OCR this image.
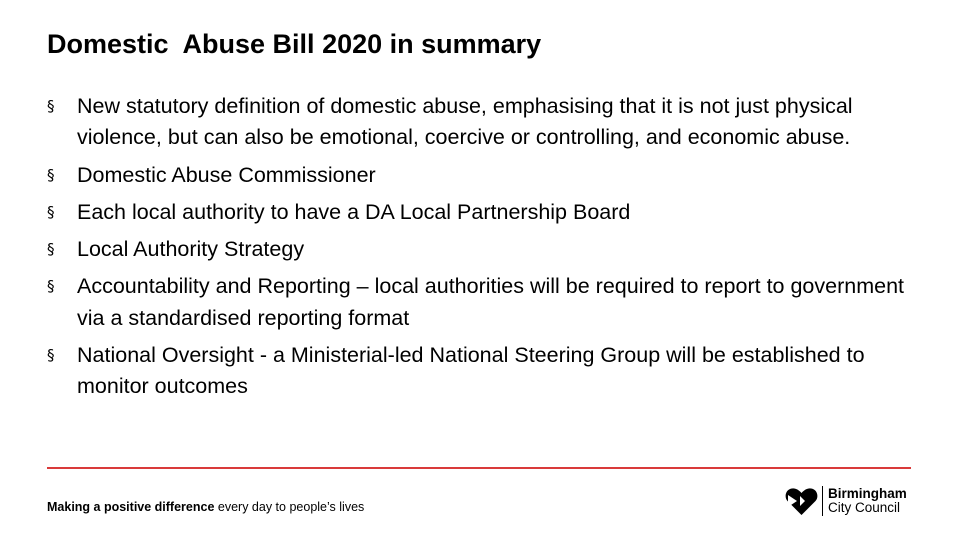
Domestic  Abuse Bill 2020 in summary
§ New statutory definition of domestic abuse, emphasising that it is not just physical violence, but can also be emotional, coercive or controlling, and economic abuse.
§ Domestic Abuse Commissioner
§ Each local authority to have a DA Local Partnership Board
§ Local Authority Strategy
§ Accountability and Reporting – local authorities will be required to report to government via a standardised reporting format
§ National Oversight - a Ministerial-led National Steering Group will be established to monitor outcomes
Making a positive difference every day to people’s lives
Birmingham
City Council
